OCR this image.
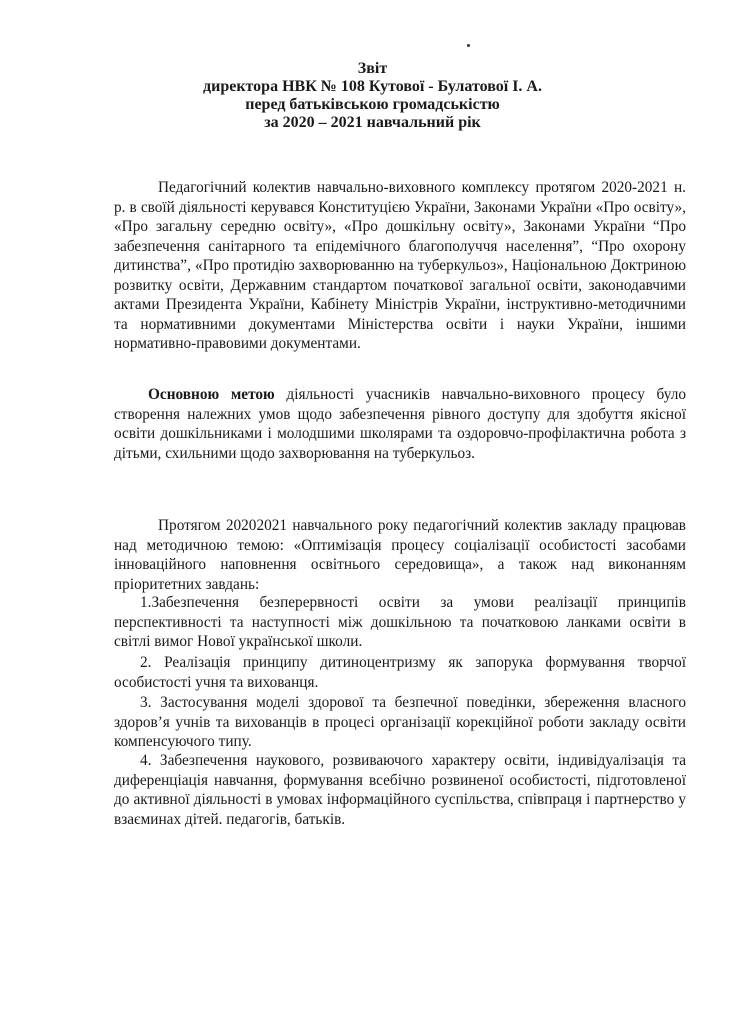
Звіт
директора НВК № 108 Кутової - Булатової І. А.
перед батьківською громадськістю
за 2020 – 2021 навчальний рік

Педагогічний колектив навчально-виховного комплексу протягом 2020-2021 н. р. в своїй діяльності керувався Конституцією України, Законами України «Про освіту», «Про загальну середню освіту», «Про дошкільну освіту», Законами України “Про забезпечення санітарного та епідемічного благополуччя населення”, “Про охорону дитинства”, «Про протидію захворюванню на туберкульоз», Національною Доктриною розвитку освіти, Державним стандартом початкової загальної освіти, законодавчими актами Президента України, Кабінету Міністрів України, інструктивно-методичними та нормативними документами Міністерства освіти і науки України, іншими нормативно-правовими документами.

Основною метою діяльності учасників навчально-виховного процесу було створення належних умов щодо забезпечення рівного доступу для здобуття якісної освіти дошкільниками і молодшими школярами та оздоровчо-профілактична робота з дітьми, схильними щодо захворювання на туберкульоз.

Протягом 20202021 навчального року педагогічний колектив закладу працював над методичною темою: «Оптимізація процесу соціалізації особистості засобами інноваційного наповнення освітнього середовища», а також над виконанням пріоритетних завдань:

1.Забезпечення безперервності освіти за умови реалізації принципів перспективності та наступності між дошкільною та початковою ланками освіти в світлі вимог Нової української школи.

2. Реалізація принципу дитиноцентризму як запорука формування творчої особистості учня та вихованця.

3. Застосування моделі здорової та безпечної поведінки, збереження власного здоров’я учнів та вихованців в процесі організації корекційної роботи закладу освіти компенсуючого типу.

4. Забезпечення наукового, розвиваючого характеру освіти, індивідуалізація та диференціація навчання, формування всебічно розвиненої особистості, підготовленої до активної діяльності в умовах інформаційного суспільства, співпраця і партнерство у взаєминах дітей. педагогів, батьків.
